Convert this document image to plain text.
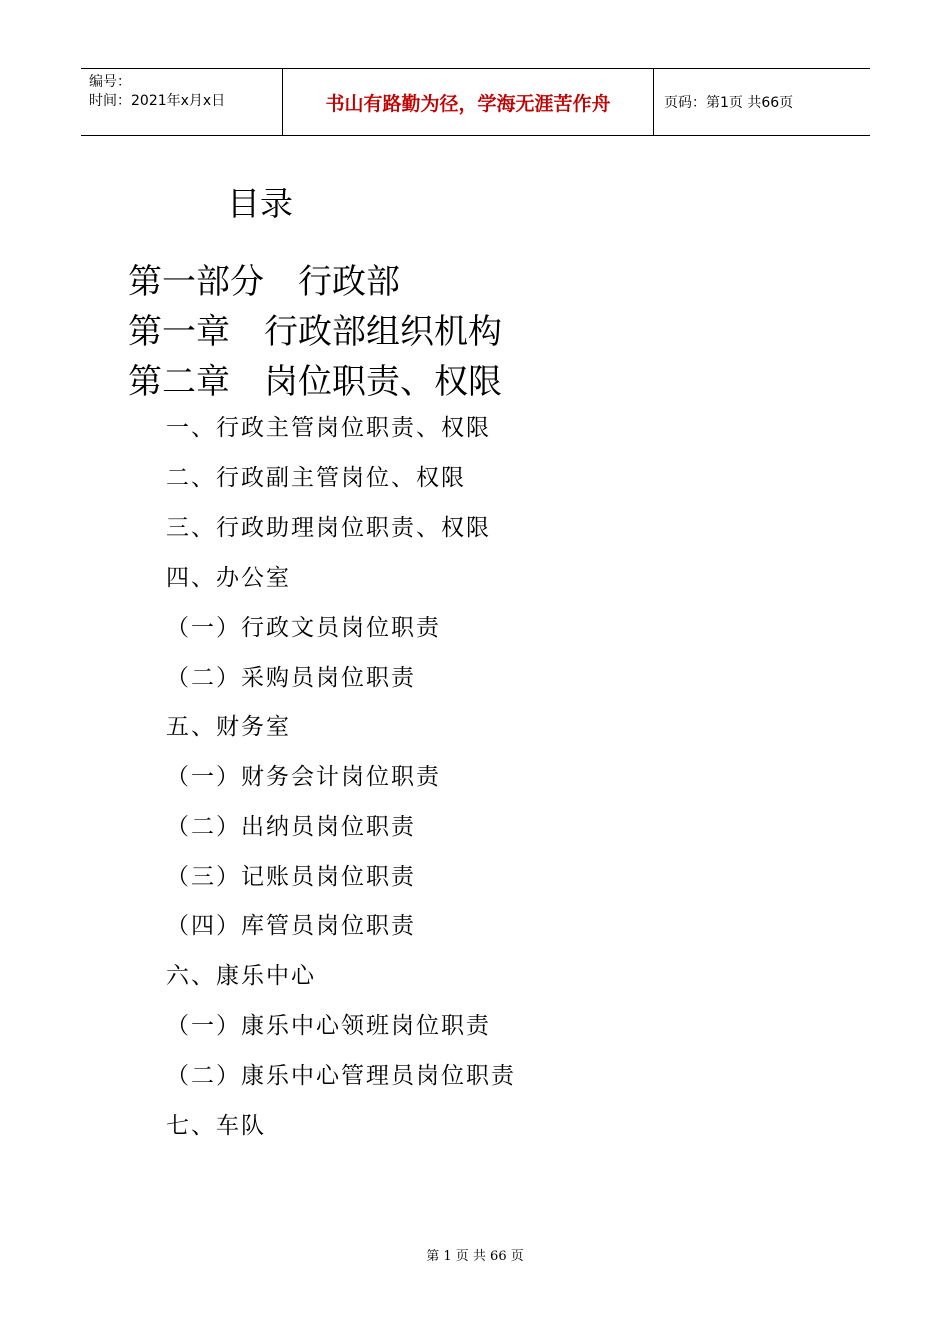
编号：
时间：2021年x月x日	书山有路勤为径，学海无涯苦作舟	页码：第1页 共66页
目录
第一部分　行政部
第一章　行政部组织机构
第二章　岗位职责、权限
一、行政主管岗位职责、权限
二、行政副主管岗位、权限
三、行政助理岗位职责、权限
四、办公室
（一）行政文员岗位职责
（二）采购员岗位职责
五、财务室
（一）财务会计岗位职责
（二）出纳员岗位职责
（三）记账员岗位职责
（四）库管员岗位职责
六、康乐中心
（一）康乐中心领班岗位职责
（二）康乐中心管理员岗位职责
七、车队
第 1 页 共 66 页
